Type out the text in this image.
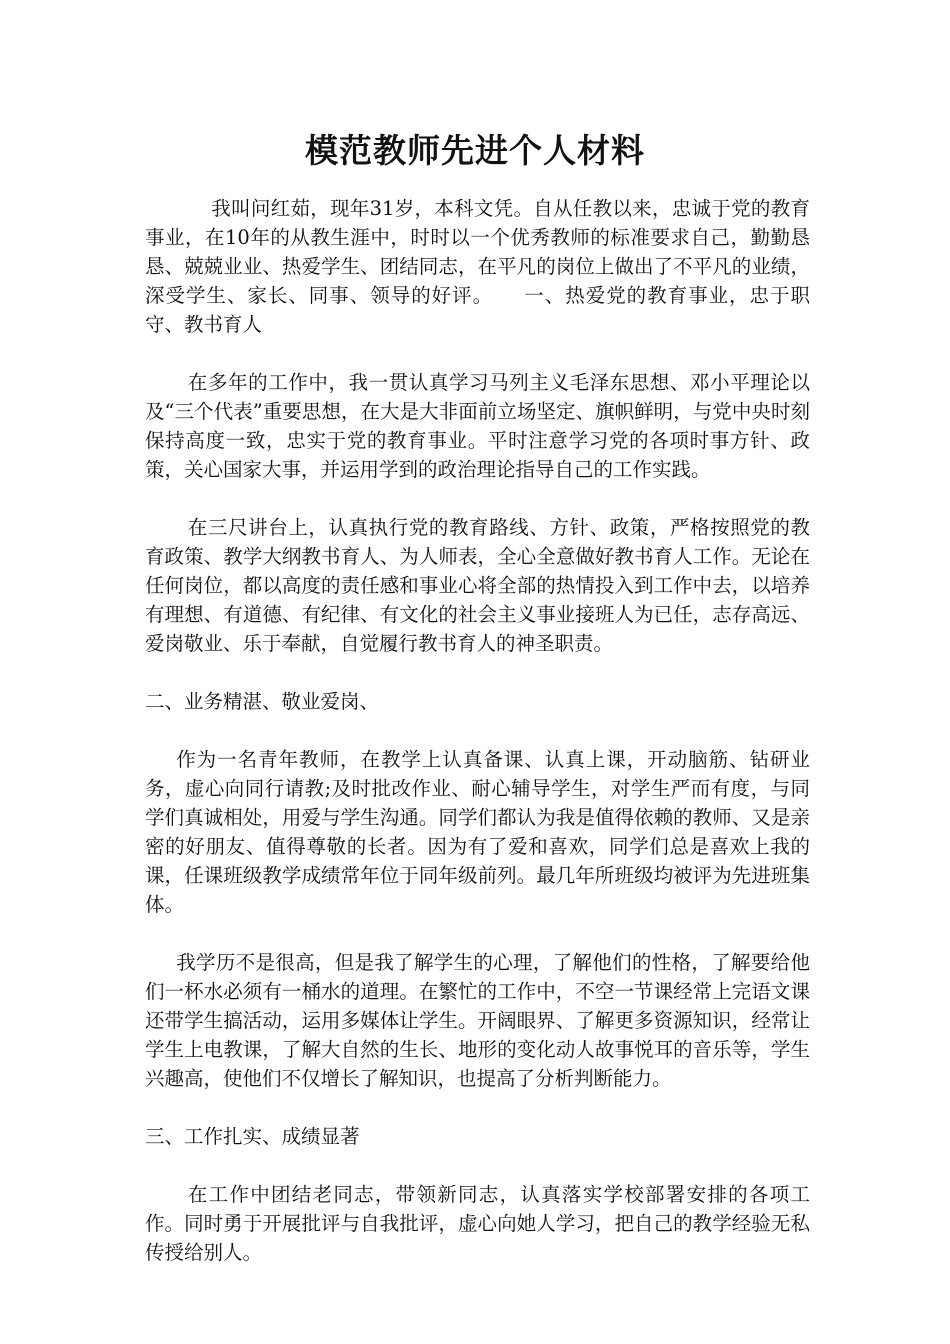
模范教师先进个人材料

我叫问红茹，现年31岁，本科文凭。自从任教以来，忠诚于党的教育事业，在10年的从教生涯中，时时以一个优秀教师的标准要求自己，勤勤恳恳、兢兢业业、热爱学生、团结同志，在平凡的岗位上做出了不平凡的业绩，深受学生、家长、同事、领导的好评。　　一、热爱党的教育事业，忠于职守、教书育人

在多年的工作中，我一贯认真学习马列主义毛泽东思想、邓小平理论以及“三个代表”重要思想，在大是大非面前立场坚定、旗帜鲜明，与党中央时刻保持高度一致，忠实于党的教育事业。平时注意学习党的各项时事方针、政策，关心国家大事，并运用学到的政治理论指导自己的工作实践。

在三尺讲台上，认真执行党的教育路线、方针、政策，严格按照党的教育政策、教学大纲教书育人、为人师表，全心全意做好教书育人工作。无论在任何岗位，都以高度的责任感和事业心将全部的热情投入到工作中去，以培养有理想、有道德、有纪律、有文化的社会主义事业接班人为已任，志存高远、爱岗敬业、乐于奉献，自觉履行教书育人的神圣职责。

二、业务精湛、敬业爱岗、

作为一名青年教师，在教学上认真备课、认真上课，开动脑筋、钻研业务，虚心向同行请教;及时批改作业、耐心辅导学生，对学生严而有度，与同学们真诚相处，用爱与学生沟通。同学们都认为我是值得依赖的教师、又是亲密的好朋友、值得尊敬的长者。因为有了爱和喜欢，同学们总是喜欢上我的课，任课班级教学成绩常年位于同年级前列。最几年所班级均被评为先进班集体。

我学历不是很高，但是我了解学生的心理，了解他们的性格，了解要给他们一杯水必须有一桶水的道理。在繁忙的工作中，不空一节课经常上完语文课还带学生搞活动，运用多媒体让学生。开阔眼界、了解更多资源知识，经常让学生上电教课，了解大自然的生长、地形的变化动人故事悦耳的音乐等，学生兴趣高，使他们不仅增长了解知识，也提高了分析判断能力。

三、工作扎实、成绩显著

在工作中团结老同志，带领新同志，认真落实学校部署安排的各项工作。同时勇于开展批评与自我批评，虚心向她人学习，把自己的教学经验无私传授给别人。
